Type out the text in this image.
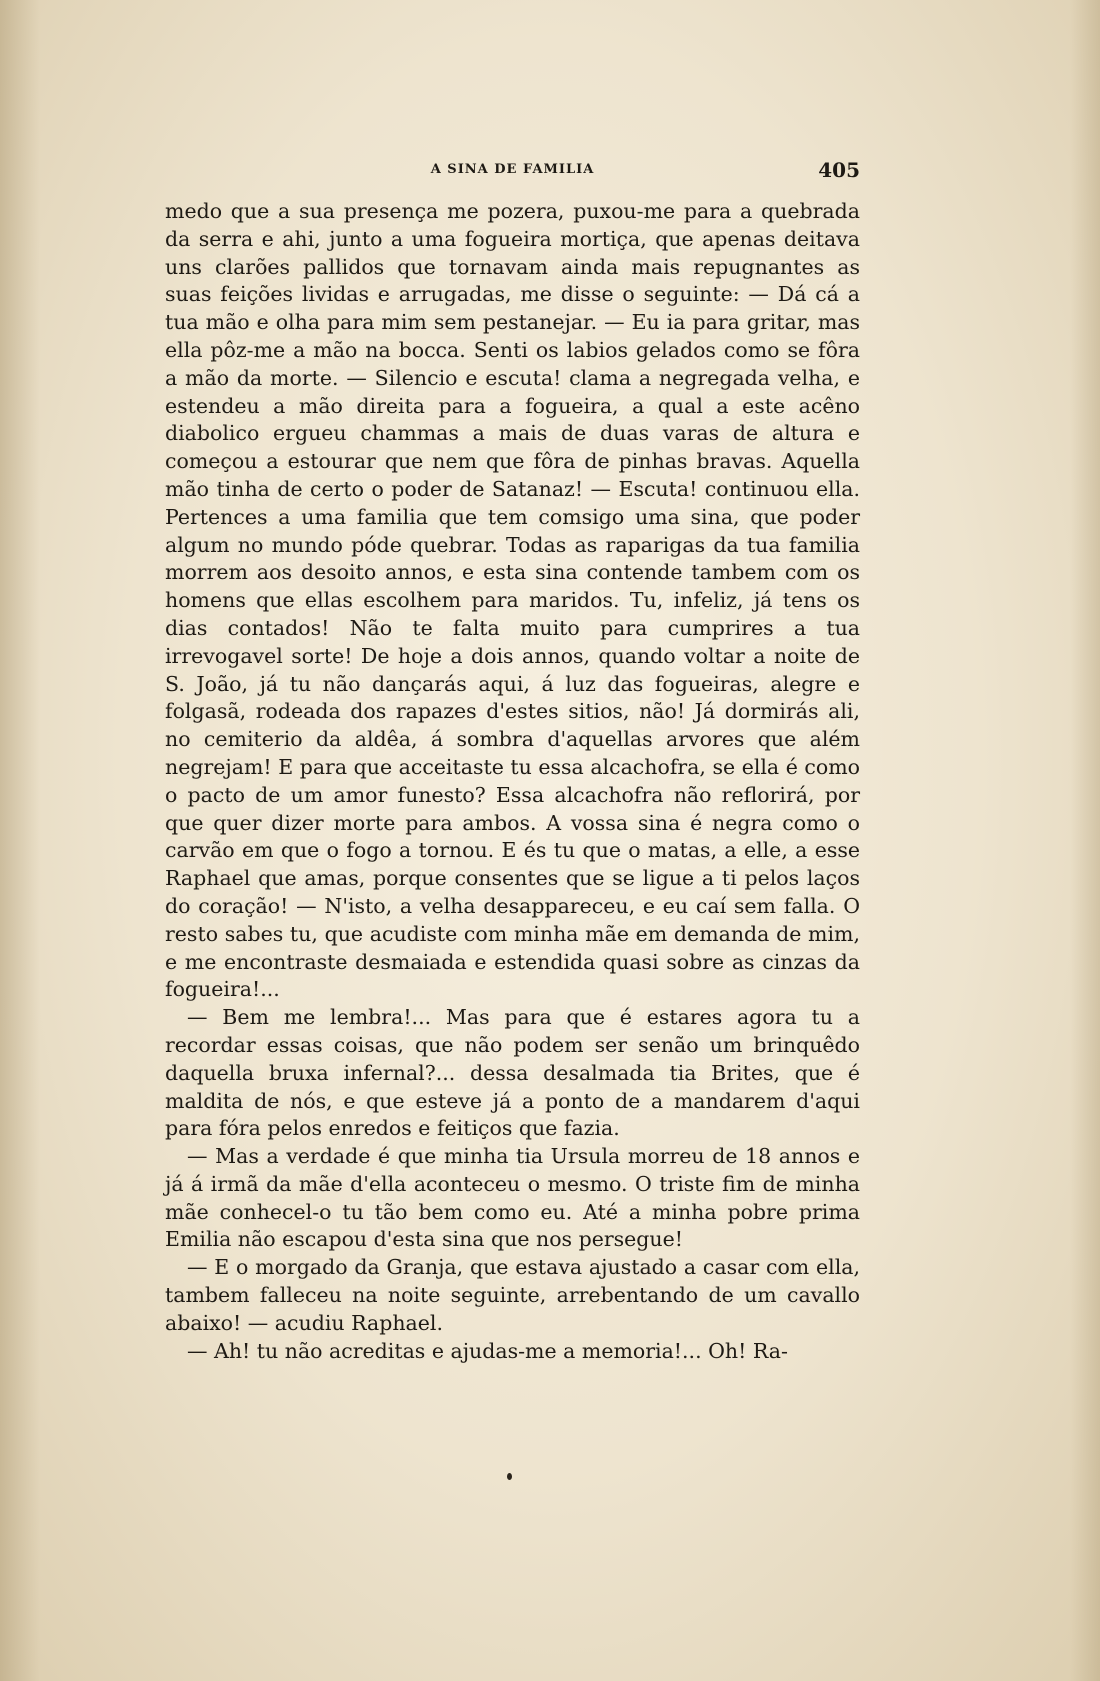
A SINA DE FAMILIA	405

medo que a sua presença me pozera, puxou-me para a quebrada da serra e ahi, junto a uma fogueira mortiça, que apenas deitava uns clarões pallidos que tornavam ainda mais repugnantes as suas feições lividas e arrugadas, me disse o seguinte: — Dá cá a tua mão e olha para mim sem pestanejar. — Eu ia para gritar, mas ella pôz-me a mão na bocca. Senti os labios gelados como se fôra a mão da morte. — Silencio e escuta! clama a negregada velha, e estendeu a mão direita para a fogueira, a qual a este acêno diabolico ergueu chammas a mais de duas varas de altura e começou a estourar que nem que fôra de pinhas bravas. Aquella mão tinha de certo o poder de Satanaz! — Escuta! continuou ella. Pertences a uma familia que tem comsigo uma sina, que poder algum no mundo póde quebrar. Todas as raparigas da tua familia morrem aos desoito annos, e esta sina contende tambem com os homens que ellas escolhem para maridos. Tu, infeliz, já tens os dias contados! Não te falta muito para cumprires a tua irrevogavel sorte! De hoje a dois annos, quando voltar a noite de S. João, já tu não dançarás aqui, á luz das fogueiras, alegre e folgasã, rodeada dos rapazes d'estes sitios, não! Já dormirás ali, no cemiterio da aldêa, á sombra d'aquellas arvores que além negrejam! E para que acceitaste tu essa alcachofra, se ella é como o pacto de um amor funesto? Essa alcachofra não reflorirá, por que quer dizer morte para ambos. A vossa sina é negra como o carvão em que o fogo a tornou. E és tu que o matas, a elle, a esse Raphael que amas, porque consentes que se ligue a ti pelos laços do coração! — N'isto, a velha desappareceu, e eu caí sem falla. O resto sabes tu, que acudiste com minha mãe em demanda de mim, e me encontraste desmaiada e estendida quasi sobre as cinzas da fogueira!...

— Bem me lembra!... Mas para que é estares agora tu a recordar essas coisas, que não podem ser senão um brinquêdo daquella bruxa infernal?... dessa desalmada tia Brites, que é maldita de nós, e que esteve já a ponto de a mandarem d'aqui para fóra pelos enredos e feitiços que fazia.

— Mas a verdade é que minha tia Ursula morreu de 18 annos e já á irmã da mãe d'ella aconteceu o mesmo. O triste fim de minha mãe conhecel-o tu tão bem como eu. Até a minha pobre prima Emilia não escapou d'esta sina que nos persegue!

— E o morgado da Granja, que estava ajustado a casar com ella, tambem falleceu na noite seguinte, arrebentando de um cavallo abaixo! — acudiu Raphael.

— Ah! tu não acreditas e ajudas-me a memoria!... Oh! Ra-
